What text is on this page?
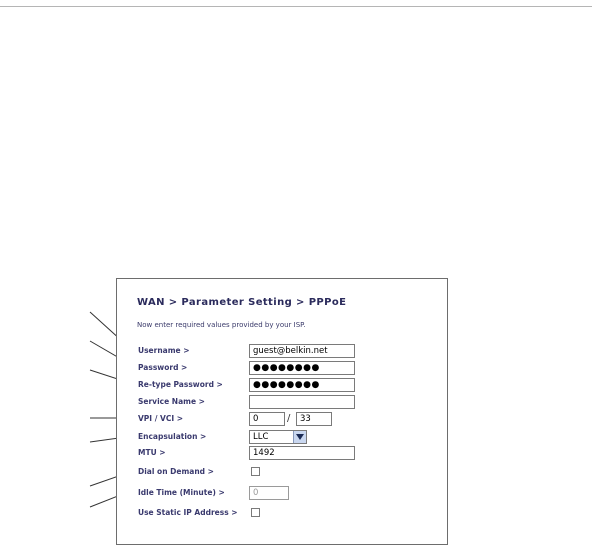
WAN > Parameter Setting > PPPoE
Now enter required values provided by your ISP.
Username >	guest@belkin.net
Password >	●●●●●●●●
Re-type Password >	●●●●●●●●
Service Name >
VPI / VCI >	0	/	33
Encapsulation >	LLC
MTU >	1492
Dial on Demand >
Idle Time (Minute) >	0
Use Static IP Address >
